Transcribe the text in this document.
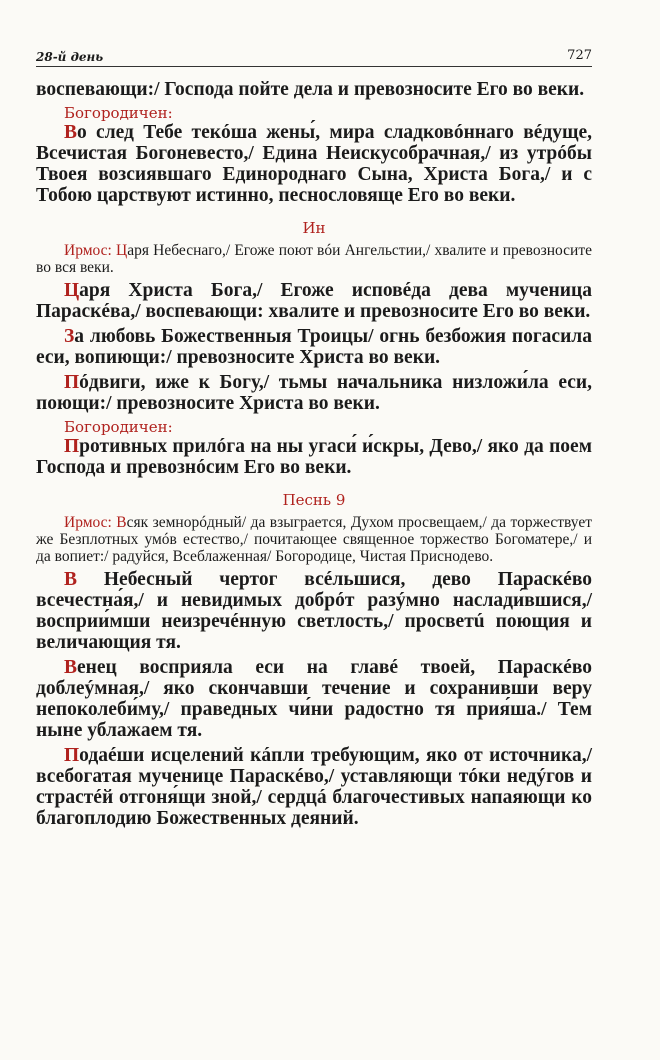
28-й день	727

воспевающи:/ Господа пойте дела и превозносите Его во веки.

Богородичен:

Во след Тебе текóша жены́, мира сладковóннаго вéдуще, Всечистая Богоневесто,/ Едина Неискусобрачная,/ из утрóбы Твоея возсиявшаго Единороднаго Сына, Христа Бога,/ и с Тобою царствуют истинно, песнословяще Его во веки.

Ин

Ирмос: Царя Небеснаго,/ Егоже поют вóи Ангельстии,/ хвалите и превозносите во вся веки.

Царя Христа Бога,/ Егоже исповéда дева мученица Параскéва,/ воспевающи: хвалите и превозносите Его во веки.

За любовь Божественныя Троицы/ огнь безбожия погасила еси, вопиющи:/ превозносите Христа во веки.

Пóдвиги, иже к Богу,/ тьмы начальника низложи́ла еси, поющи:/ превозносите Христа во веки.

Богородичен:

Противных прилóга на ны угаси́ и́скры, Дево,/ яко да поем Господа и превознóсим Его во веки.

Песнь 9

Ирмос: Всяк земнорóдный/ да взыграется, Духом просвещаем,/ да торжествует же Безплотных умóв естество,/ почитающее священное торжество Богоматере,/ и да вопиет:/ радуйся, Всеблаженная/ Богородице, Чистая Приснодево.

В Небесный чертог всéльшися, дево Параскéво всечестна́я,/ и невидимых добрóт разýмно наслади́вшися,/ восприи́мши неизречéнную светлость,/ просветú поющия и величающия тя.

Венец восприяла еси на главé твоей, Параскéво доблеýмная,/ яко скончавши течение и сохранивши веру непоколеби́му,/ праведных чи́ни радостно тя прия́ша./ Тем ныне ублажаем тя.

Подаéши исцелений кáпли требующим, яко от источника,/ всебогатая мученице Параскéво,/ уставляющи тóки недýгов и страстéй отгоня́щи зной,/ сердцá благочестивых напаяющи ко благоплодию Божественных деяний.
